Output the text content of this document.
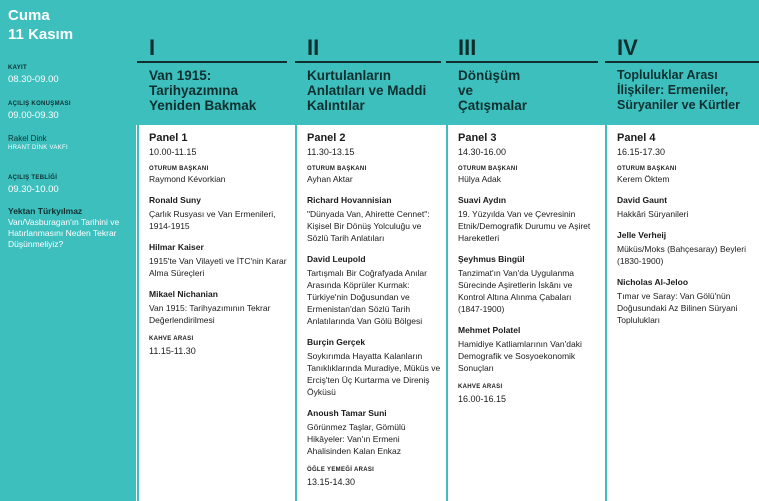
Cuma
11 Kasım
KAYIT
08.30-09.00
AÇILIŞ KONUŞMASI
09.00-09.30
Rakel Dink
HRANT DİNK VAKFI
AÇILIŞ TEBLİĞİ
09.30-10.00
Yektan Türkyılmaz
Van/Vasburagan'ın Tarihini ve Hatırlanmasını Neden Tekrar Düşünmeliyiz?
I
Van 1915: Tarihyazımına Yeniden Bakmak
Panel 1
10.00-11.15
OTURUM BAŞKANI
Raymond Kévorkian
Ronald Suny
Çarlık Rusyası ve Van Ermenileri, 1914-1915
Hilmar Kaiser
1915'te Van Vilayeti ve İTC'nin Karar Alma Süreçleri
Mikael Nichanian
Van 1915: Tarihyazımının Tekrar Değerlendirilmesi
KAHVE ARASI
11.15-11.30
II
Kurtulanların Anlatıları ve Maddi Kalıntılar
Panel 2
11.30-13.15
OTURUM BAŞKANI
Ayhan Aktar
Richard Hovannisian
"Dünyada Van, Ahirette Cennet": Kişisel Bir Dönüş Yolculuğu ve Sözlü Tarih Anlatıları
David Leupold
Tartışmalı Bir Coğrafyada Anılar Arasında Köprüler Kurmak: Türkiye'nin Doğusundan ve Ermenistan'dan Sözlü Tarih Anlatılarında Van Gölü Bölgesi
Burçin Gerçek
Soykırımda Hayatta Kalanların Tanıklıklarında Muradiye, Müküs ve Erciş'ten Üç Kurtarma ve Direniş Öyküsü
Anoush Tamar Suni
Görünmez Taşlar, Gömülü Hikâyeler: Van'ın Ermeni Ahalisinden Kalan Enkaz
ÖĞLE YEMEĞİ ARASI
13.15-14.30
III
Dönüşüm ve Çatışmalar
Panel 3
14.30-16.00
OTURUM BAŞKANI
Hülya Adak
Suavi Aydın
19. Yüzyılda Van ve Çevresinin Etnik/Demografik Durumu ve Aşiret Hareketleri
Şeyhmus Bingül
Tanzimat'ın Van'da Uygulanma Sürecinde Aşiretlerin İskânı ve Kontrol Altına Alınma Çabaları (1847-1900)
Mehmet Polatel
Hamidiye Katliamlarının Van'daki Demografik ve Sosyoekonomik Sonuçları
KAHVE ARASI
16.00-16.15
IV
Topluluklar Arası İlişkiler: Ermeniler, Süryaniler ve Kürtler
Panel 4
16.15-17.30
OTURUM BAŞKANI
Kerem Öktem
David Gaunt
Hakkâri Süryanileri
Jelle Verheij
Müküs/Moks (Bahçesaray) Beyleri (1830-1900)
Nicholas Al-Jeloo
Tımar ve Saray: Van Gölü'nün Doğusundaki Az Bilinen Süryani Toplulukları
